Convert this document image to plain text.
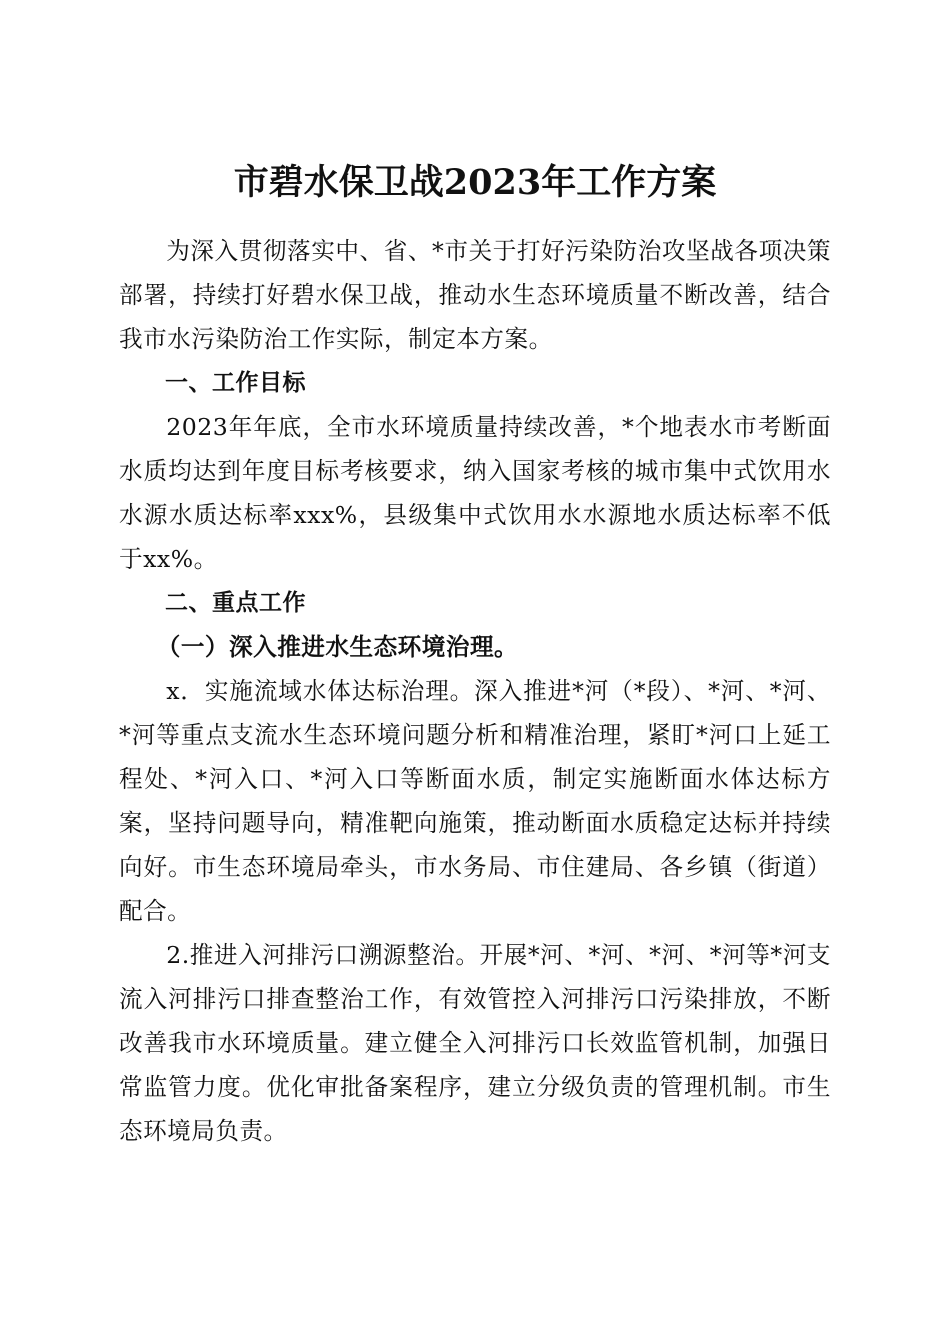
市碧水保卫战2023年工作方案

为深入贯彻落实中、省、*市关于打好污染防治攻坚战各项决策部署，持续打好碧水保卫战，推动水生态环境质量不断改善，结合我市水污染防治工作实际，制定本方案。

一、工作目标

2023年年底，全市水环境质量持续改善，*个地表水市考断面水质均达到年度目标考核要求，纳入国家考核的城市集中式饮用水水源水质达标率xxx%，县级集中式饮用水水源地水质达标率不低于xx%。

二、重点工作

（一）深入推进水生态环境治理。

x．实施流域水体达标治理。深入推进*河（*段）、*河、*河、*河等重点支流水生态环境问题分析和精准治理，紧盯*河口上延工程处、*河入口、*河入口等断面水质，制定实施断面水体达标方案，坚持问题导向，精准靶向施策，推动断面水质稳定达标并持续向好。市生态环境局牵头，市水务局、市住建局、各乡镇（街道）配合。

2.推进入河排污口溯源整治。开展*河、*河、*河、*河等*河支流入河排污口排查整治工作，有效管控入河排污口污染排放，不断改善我市水环境质量。建立健全入河排污口长效监管机制，加强日常监管力度。优化审批备案程序，建立分级负责的管理机制。市生态环境局负责。
